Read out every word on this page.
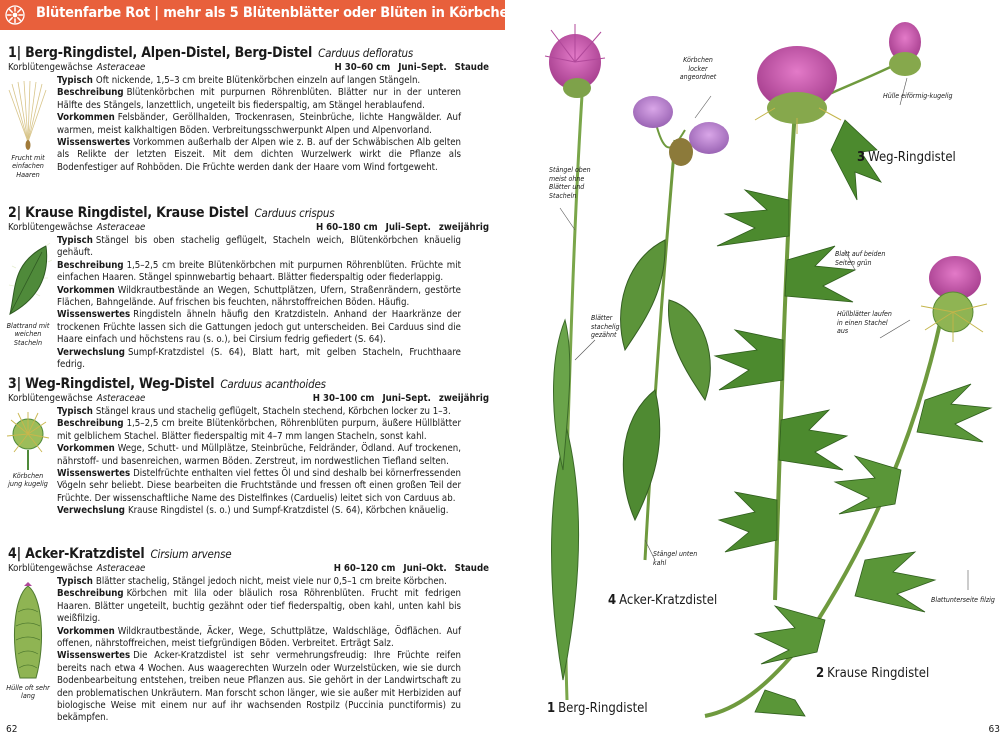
Blütenfarbe Rot | mehr als 5 Blütenblätter oder Blüten in Körbchen
1| Berg-Ringdistel, Alpen-Distel, Berg-Distel Carduus defloratus
Korblütengewächse Asteraceae	H 30–60 cm Juni–Sept. Staude

Typisch Oft nickende, 1,5–3 cm breite Blütenkörbchen einzeln auf langen Stängeln.

Beschreibung Blütenkörbchen mit purpurnen Röhrenblüten. Blätter nur in der unteren Hälfte des Stängels, lanzettlich, ungeteilt bis fiederspaltig, am Stängel herablaufend.

Vorkommen Felsbänder, Geröllhalden, Trockenrasen, Steinbrüche, lichte Hangwälder. Auf warmen, meist kalkhaltigen Böden. Verbreitungsschwerpunkt Alpen und Alpenvorland.

Wissenswertes Vorkommen außerhalb der Alpen wie z. B. auf der Schwäbischen Alb gelten als Relikte der letzten Eiszeit. Mit dem dichten Wurzelwerk wirkt die Pflanze als Bodenfestiger auf Rohböden. Die Früchte werden dank der Haare vom Wind fortgeweht.

Frucht mit einfachen Haaren
2| Krause Ringdistel, Krause Distel Carduus crispus
Korblütengewächse Asteraceae	H 60–180 cm Juli–Sept. zweijährig

Typisch Stängel bis oben stachelig geflügelt, Stacheln weich, Blütenkörbchen knäuelig gehäuft.

Beschreibung 1,5–2,5 cm breite Blütenkörbchen mit purpurnen Röhrenblüten. Früchte mit einfachen Haaren. Stängel spinnwebartig behaart. Blätter fiederspaltig oder fiederlappig.

Vorkommen Wildkrautbestände an Wegen, Schuttplätzen, Ufern, Straßenrändern, gestörte Flächen, Bahngelände. Auf frischen bis feuchten, nährstoffreichen Böden. Häufig.

Wissenswertes Ringdisteln ähneln häufig den Kratzdisteln. Anhand der Haarkränze der trockenen Früchte lassen sich die Gattungen jedoch gut unterscheiden. Bei Carduus sind die Haare einfach und höchstens rau (s. o.), bei Cirsium fedrig gefiedert (S. 64).

Verwechslung Sumpf-Kratzdistel (S. 64), Blatt hart, mit gelben Stacheln, Fruchthaare fedrig.

Blattrand mit weichen Stacheln
3| Weg-Ringdistel, Weg-Distel Carduus acanthoides
Korblütengewächse Asteraceae	H 30–100 cm Juni–Sept. zweijährig

Typisch Stängel kraus und stachelig geflügelt, Stacheln stechend, Körbchen locker zu 1–3.

Beschreibung 1,5–2,5 cm breite Blütenkörbchen, Röhrenblüten purpurn, äußere Hüllblätter mit gelblichem Stachel. Blätter fiederspaltig mit 4–7 mm langen Stacheln, sonst kahl.

Vorkommen Wege, Schutt- und Müllplätze, Steinbrüche, Feldränder, Ödland. Auf trockenen, nährstoff- und basenreichen, warmen Böden. Zerstreut, im nordwestlichen Tiefland selten.

Wissenswertes Distelfrüchte enthalten viel fettes Öl und sind deshalb bei körnerfressenden Vögeln sehr beliebt. Diese bearbeiten die Fruchtstände und fressen oft einen großen Teil der Früchte. Der wissenschaftliche Name des Distelfinkes (Carduelis) leitet sich von Carduus ab.

Verwechslung Krause Ringdistel (s. o.) und Sumpf-Kratzdistel (S. 64), Körbchen knäuelig.

Körbchen jung kugelig
4| Acker-Kratzdistel Cirsium arvense
Korblütengewächse Asteraceae	H 60–120 cm Juni–Okt. Staude

Typisch Blätter stachelig, Stängel jedoch nicht, meist viele nur 0,5–1 cm breite Körbchen.

Beschreibung Körbchen mit lila oder bläulich rosa Röhrenblüten. Frucht mit fedrigen Haaren. Blätter ungeteilt, buchtig gezähnt oder tief fiederspaltig, oben kahl, unten kahl bis weißfilzig.

Vorkommen Wildkrautbestände, Äcker, Wege, Schuttplätze, Waldschläge, Ödflächen. Auf offenen, nährstoffreichen, meist tiefgründigen Böden. Verbreitet. Erträgt Salz.

Wissenswertes Die Acker-Kratzdistel ist sehr vermehrungsfreudig: Ihre Früchte reifen bereits nach etwa 4 Wochen. Aus waagerechten Wurzeln oder Wurzelstücken, wie sie durch Bodenbearbeitung entstehen, treiben neue Pflanzen aus. Sie gehört in der Landwirtschaft zu den problematischen Unkräutern. Man forscht schon länger, wie sie außer mit Herbiziden auf biologische Weise mit einem nur auf ihr wachsenden Rostpilz (Puccinia punctiformis) zu bekämpfen.

Hülle oft sehr lang
62
Körbchen locker angeordnet
Hülle eiförmig-kugelig
Stängel oben meist ohne Blätter und Stacheln
Blatt auf beiden Seiten grün
Blätter stachelig gezähnt
Hüllblätter laufen in einen Stachel aus
Stängel unten kahl
Blattunterseite filzig
3 Weg-Ringdistel
4 Acker-Kratzdistel
2 Krause Ringdistel
1 Berg-Ringdistel
63
